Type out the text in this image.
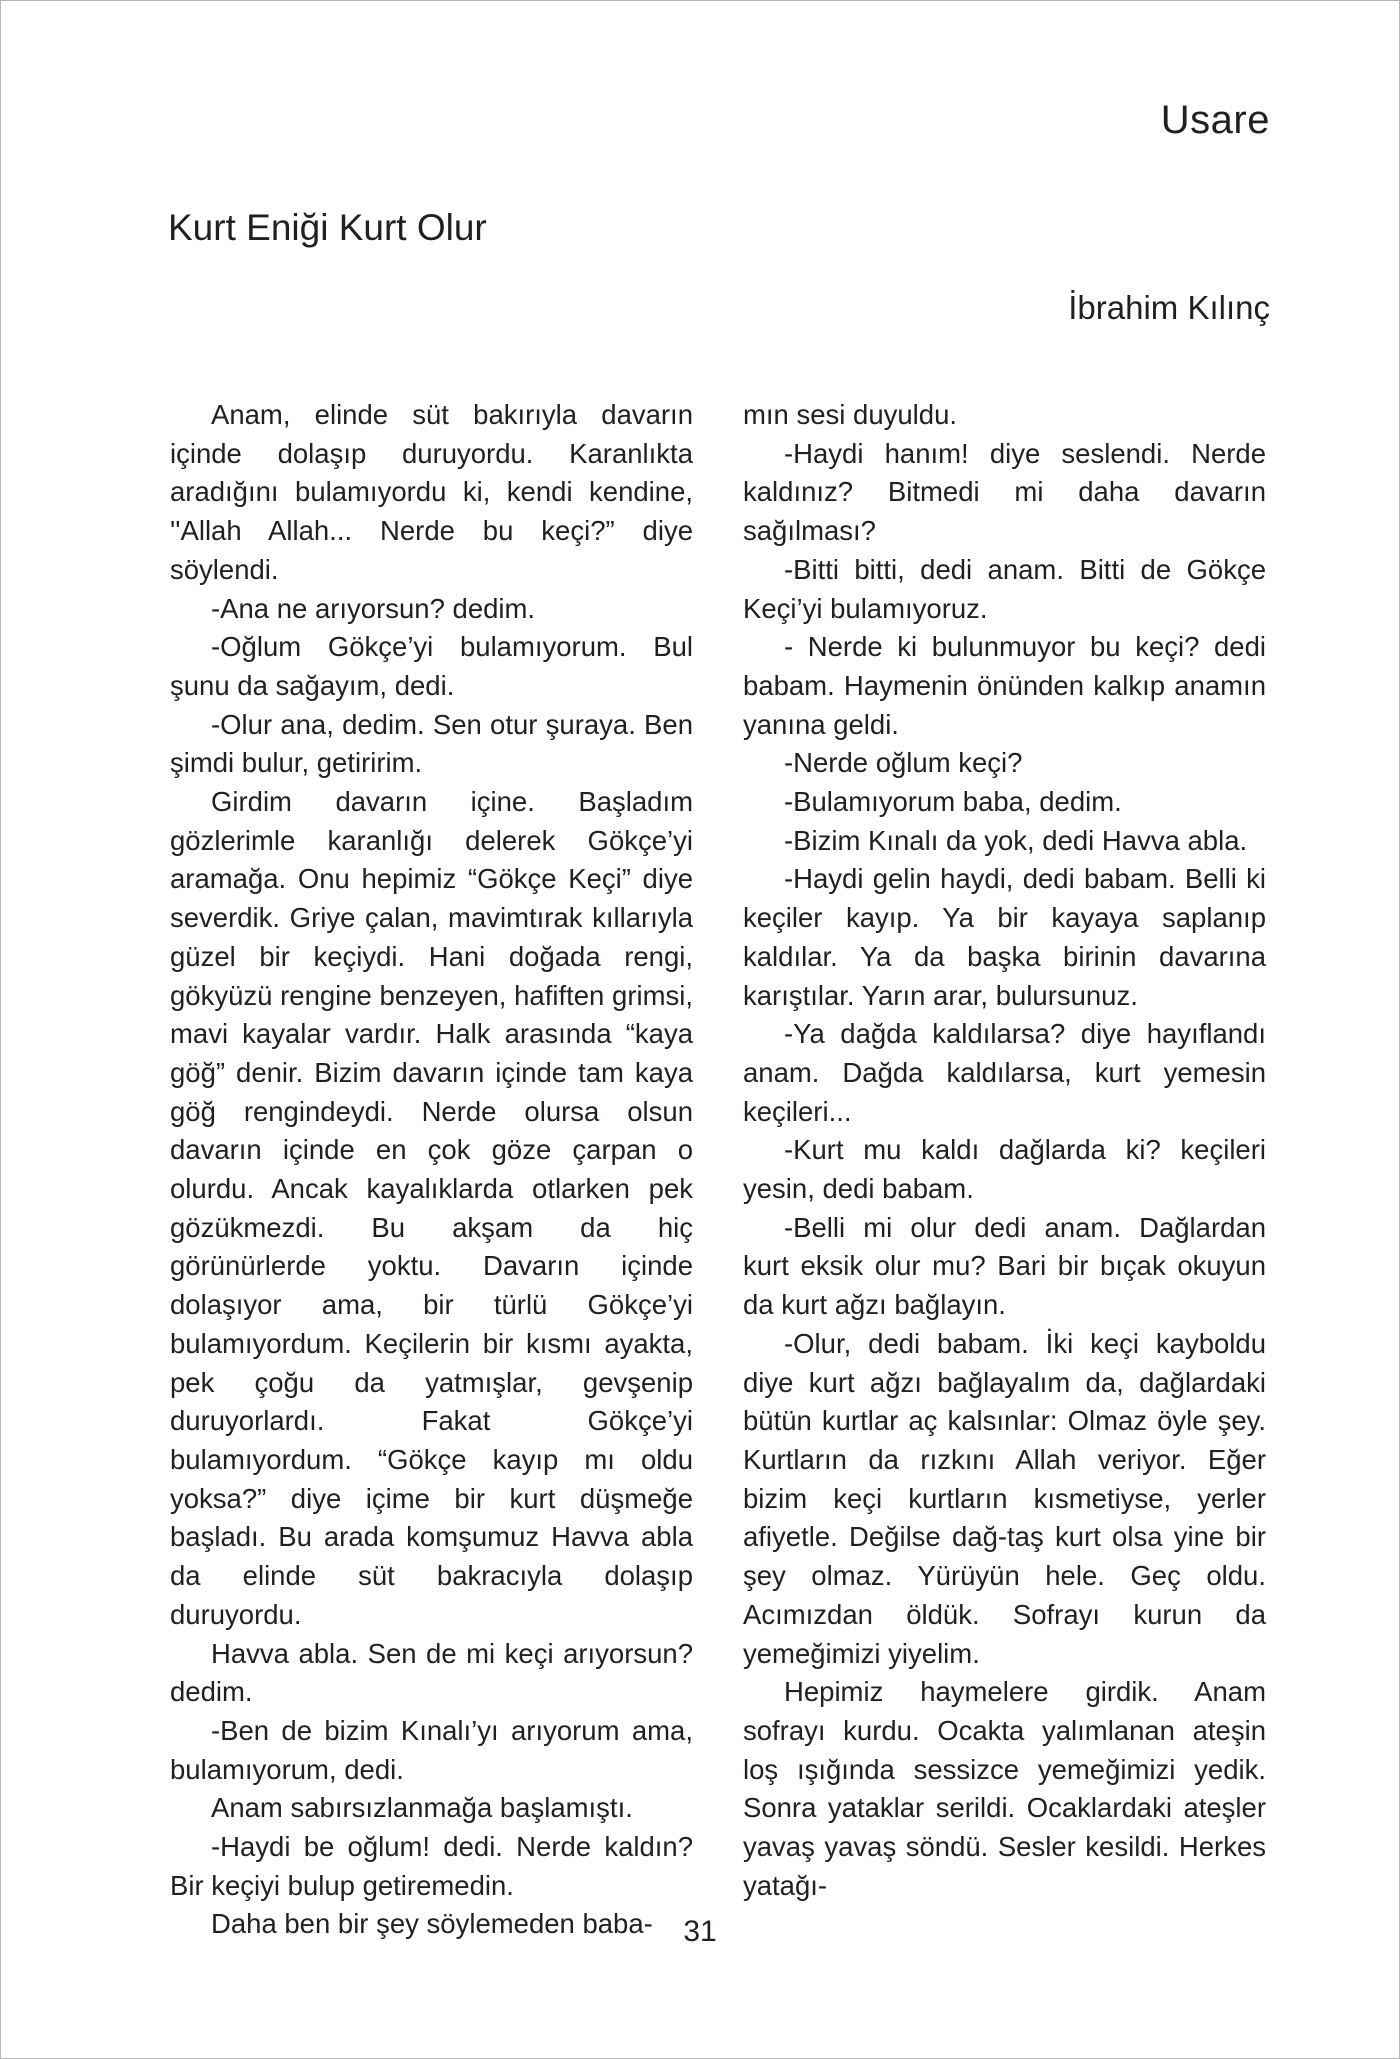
Usare
Kurt Eniği Kurt Olur
İbrahim Kılınç

Anam, elinde süt bakırıyla davarın içinde dolaşıp duruyordu. Karanlıkta aradığını bulamıyordu ki, kendi kendine, ''Allah Allah... Nerde bu keçi?” diye söylendi.

-Ana ne arıyorsun? dedim.

-Oğlum Gökçe’yi bulamıyorum. Bul şunu da sağayım, dedi.

-Olur ana, dedim. Sen otur şuraya. Ben şimdi bulur, getiririm.

Girdim davarın içine. Başladım gözlerimle karanlığı delerek Gökçe’yi aramağa. Onu hepimiz “Gökçe Keçi” diye severdik. Griye çalan, mavimtırak kıllarıyla güzel bir keçiydi. Hani doğada rengi, gökyüzü rengine benzeyen, hafiften grimsi, mavi kayalar vardır. Halk arasında “kaya göğ” denir. Bizim davarın içinde tam kaya göğ rengindeydi. Nerde olursa olsun davarın içinde en çok göze çarpan o olurdu. Ancak kayalıklarda otlarken pek gözükmezdi. Bu akşam da hiç görünürlerde yoktu. Davarın içinde dolaşıyor ama, bir türlü Gökçe’yi bulamıyordum. Keçilerin bir kısmı ayakta, pek çoğu da yatmışlar, gevşenip duruyorlardı. Fakat Gökçe’yi bulamıyordum. “Gökçe kayıp mı oldu yoksa?” diye içime bir kurt düşmeğe başladı. Bu arada komşumuz Havva abla da elinde süt bakracıyla dolaşıp duruyordu.

Havva abla. Sen de mi keçi arıyorsun? dedim.

-Ben de bizim Kınalı’yı arıyorum ama, bulamıyorum, dedi.

Anam sabırsızlanmağa başlamıştı.

-Haydi be oğlum! dedi. Nerde kaldın? Bir keçiyi bulup getiremedin.

Daha ben bir şey söylemeden baba-

mın sesi duyuldu.

-Haydi hanım! diye seslendi. Nerde kaldınız? Bitmedi mi daha davarın sağılması?

-Bitti bitti, dedi anam. Bitti de Gökçe Keçi’yi bulamıyoruz.

- Nerde ki bulunmuyor bu keçi? dedi babam. Haymenin önünden kalkıp anamın yanına geldi.

-Nerde oğlum keçi?

-Bulamıyorum baba, dedim.

-Bizim Kınalı da yok, dedi Havva abla.

-Haydi gelin haydi, dedi babam. Belli ki keçiler kayıp. Ya bir kayaya saplanıp kaldılar. Ya da başka birinin davarına karıştılar. Yarın arar, bulursunuz.

-Ya dağda kaldılarsa? diye hayıflandı anam. Dağda kaldılarsa, kurt yemesin keçileri...

-Kurt mu kaldı dağlarda ki? keçileri yesin, dedi babam.

-Belli mi olur dedi anam. Dağlardan kurt eksik olur mu? Bari bir bıçak okuyun da kurt ağzı bağlayın.

-Olur, dedi babam. İki keçi kayboldu diye kurt ağzı bağlayalım da, dağlardaki bütün kurtlar aç kalsınlar: Olmaz öyle şey. Kurtların da rızkını Allah veriyor. Eğer bizim keçi kurtların kısmetiyse, yerler afiyetle. Değilse dağ-taş kurt olsa yine bir şey olmaz. Yürüyün hele. Geç oldu. Acımızdan öldük. Sofrayı kurun da yemeğimizi yiyelim.

Hepimiz haymelere girdik. Anam sofrayı kurdu. Ocakta yalımlanan ateşin loş ışığında sessizce yemeğimizi yedik. Sonra yataklar serildi. Ocaklardaki ateşler yavaş yavaş söndü. Sesler kesildi. Herkes yatağı-

31
